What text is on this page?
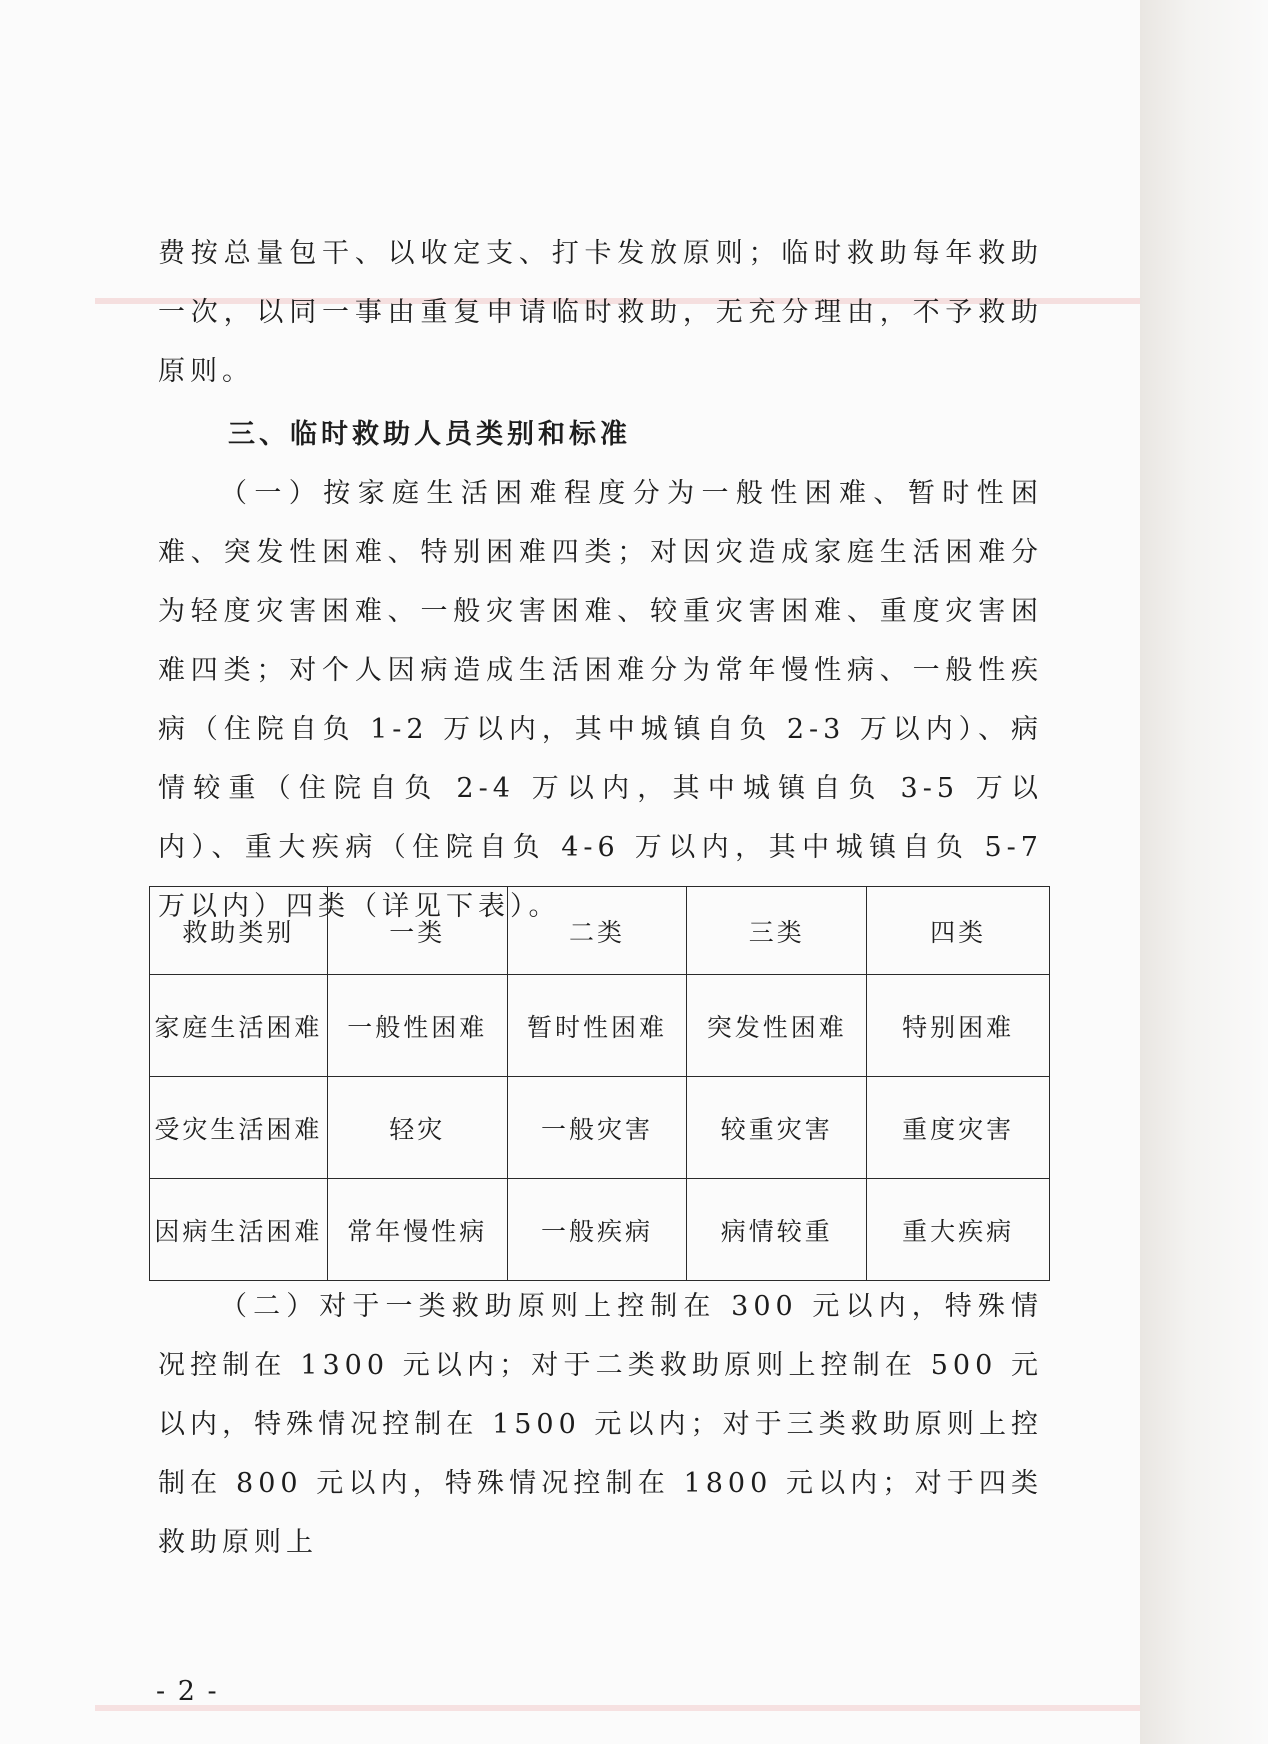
费按总量包干、以收定支、打卡发放原则；临时救助每年救助一次，以同一事由重复申请临时救助，无充分理由，不予救助原则。

三、临时救助人员类别和标准

（一）按家庭生活困难程度分为一般性困难、暂时性困难、突发性困难、特别困难四类；对因灾造成家庭生活困难分为轻度灾害困难、一般灾害困难、较重灾害困难、重度灾害困难四类；对个人因病造成生活困难分为常年慢性病、一般性疾病（住院自负 1-2 万以内，其中城镇自负 2-3 万以内）、病情较重（住院自负 2-4 万以内，其中城镇自负 3-5 万以内）、重大疾病（住院自负 4-6 万以内，其中城镇自负 5-7 万以内）四类（详见下表）。

救助类别	一类	二类	三类	四类
家庭生活困难	一般性困难	暂时性困难	突发性困难	特别困难
受灾生活困难	轻灾	一般灾害	较重灾害	重度灾害
因病生活困难	常年慢性病	一般疾病	病情较重	重大疾病

（二）对于一类救助原则上控制在 300 元以内，特殊情况控制在 1300 元以内；对于二类救助原则上控制在 500 元以内，特殊情况控制在 1500 元以内；对于三类救助原则上控制在 800 元以内，特殊情况控制在 1800 元以内；对于四类救助原则上

- 2 -
